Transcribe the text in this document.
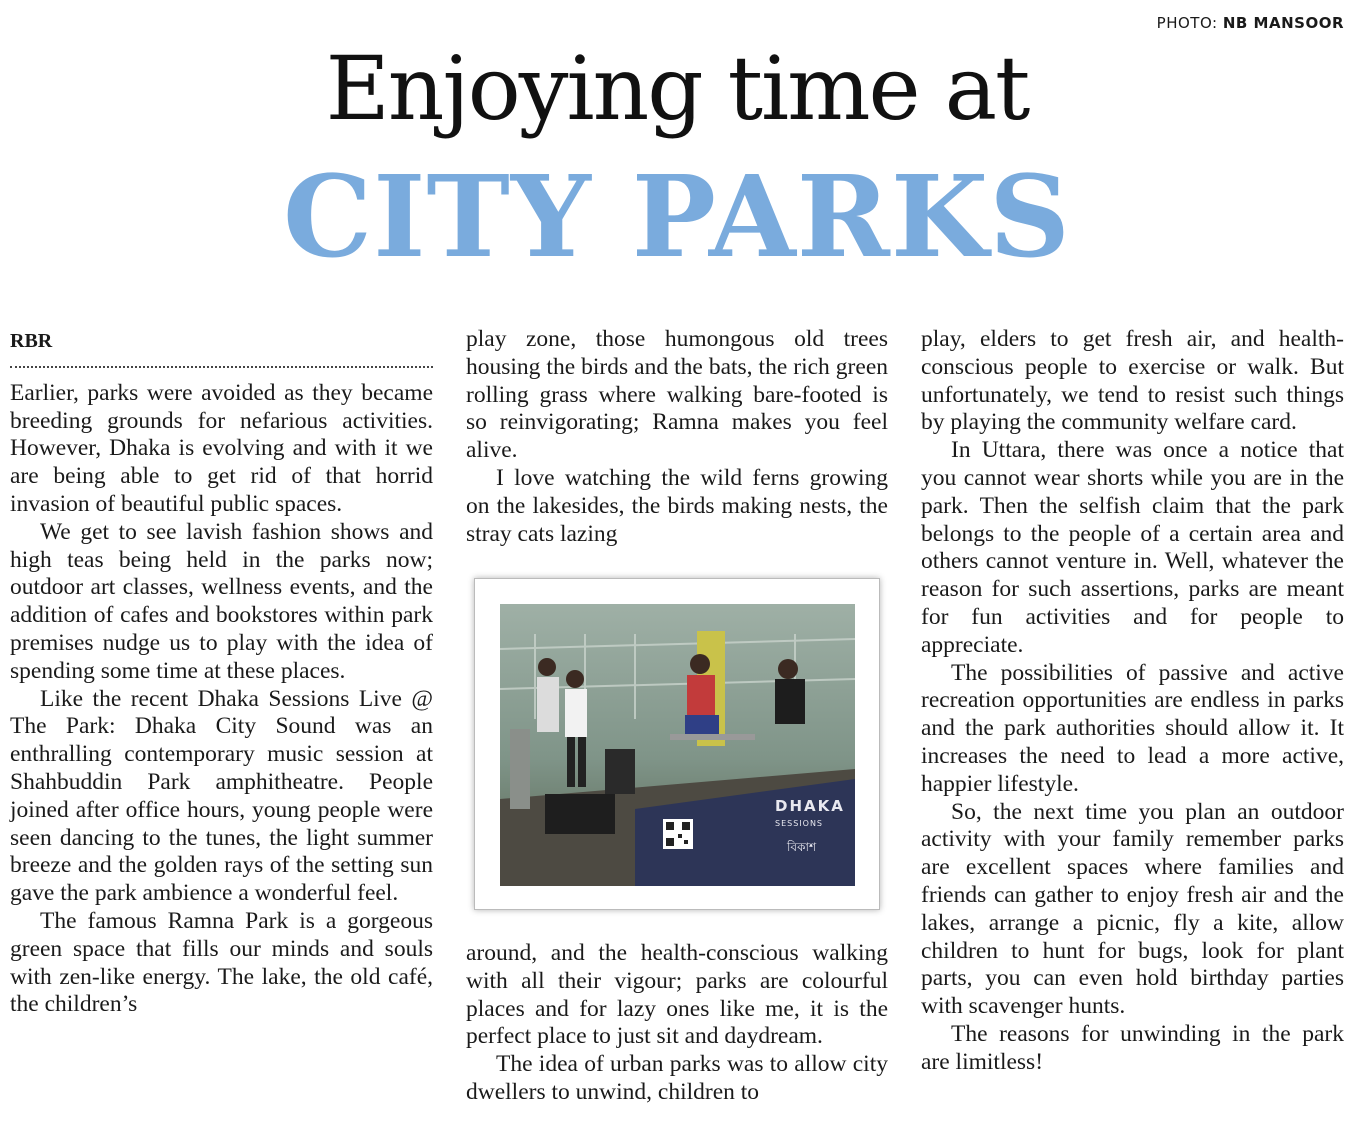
PHOTO: NB MANSOOR
Enjoying time at
CITY PARKS
RBR

Earlier, parks were avoided as they became breeding grounds for nefarious activities. However, Dhaka is evolving and with it we are being able to get rid of that horrid invasion of beautiful public spaces.

We get to see lavish fashion shows and high teas being held in the parks now; outdoor art classes, wellness events, and the addition of cafes and bookstores within park premises nudge us to play with the idea of spending some time at these places.

Like the recent Dhaka Sessions Live @ The Park: Dhaka City Sound was an enthralling contemporary music session at Shahbuddin Park amphitheatre. People joined after office hours, young people were seen dancing to the tunes, the light summer breeze and the golden rays of the setting sun gave the park ambience a wonderful feel.

The famous Ramna Park is a gorgeous green space that fills our minds and souls with zen-like energy. The lake, the old café, the children’s

play zone, those humongous old trees housing the birds and the bats, the rich green rolling grass where walking bare-footed is so reinvigorating; Ramna makes you feel alive.

I love watching the wild ferns growing on the lakesides, the birds making nests, the stray cats lazing

DHAKA
SESSIONS
বিকাশ

around, and the health-conscious walking with all their vigour; parks are colourful places and for lazy ones like me, it is the perfect place to just sit and daydream.

The idea of urban parks was to allow city dwellers to unwind, children to

play, elders to get fresh air, and health-conscious people to exercise or walk. But unfortunately, we tend to resist such things by playing the community welfare card.

In Uttara, there was once a notice that you cannot wear shorts while you are in the park. Then the selfish claim that the park belongs to the people of a certain area and others cannot venture in. Well, whatever the reason for such assertions, parks are meant for fun activities and for people to appreciate.

The possibilities of passive and active recreation opportunities are endless in parks and the park authorities should allow it. It increases the need to lead a more active, happier lifestyle.

So, the next time you plan an outdoor activity with your family remember parks are excellent spaces where families and friends can gather to enjoy fresh air and the lakes, arrange a picnic, fly a kite, allow children to hunt for bugs, look for plant parts, you can even hold birthday parties with scavenger hunts.

The reasons for unwinding in the park are limitless!
